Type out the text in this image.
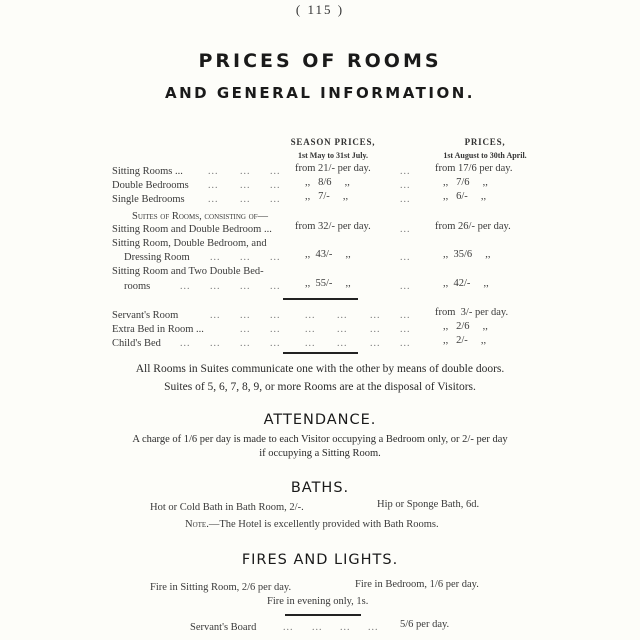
( 115 )
PRICES OF ROOMS
AND GENERAL INFORMATION.
SEASON PRICES,
1st May to 31st July.
PRICES,
1st August to 30th April.
Sitting Rooms ...	... ... ... from 21/- per day.	... from 17/6 per day.
Double Bedrooms ... ... ... ,,   8/6     ,,	...	,,   7/6     ,,
Single Bedrooms ... ... ... ,,   7/-     ,,	...	,,   6/-     ,,
Suites of Rooms, consisting of—
Sitting Room and Double Bedroom ... from 32/- per day.	... from 26/- per day.
Sitting Room, Double Bedroom, and
Dressing Room ... ... ... ,,  43/-     ,,	...	,,  35/6     ,,
Sitting Room and Two Double Bed-
rooms	... ... ... ... ,,  55/-     ,,	...	,,  42/-     ,,
Servant's Room	... ... ... ... ... ... ... from  3/- per day.
Extra Bed in Room ...	... ... ... ... ... ...	,,   2/6     ,,
Child's Bed ... ... ... ... ... ... ... ...	,,   2/-     ,,
All Rooms in Suites communicate one with the other by means of double doors.
Suites of 5, 6, 7, 8, 9, or more Rooms are at the disposal of Visitors.
ATTENDANCE.
A charge of 1/6 per day is made to each Visitor occupying a Bedroom only, or 2/- per day
if occupying a Sitting Room.
BATHS.
Hot or Cold Bath in Bath Room, 2/-.	Hip or Sponge Bath, 6d.
Note.—The Hotel is excellently provided with Bath Rooms.
FIRES AND LIGHTS.
Fire in Sitting Room, 2/6 per day.	Fire in Bedroom, 1/6 per day.
Fire in evening only, 1s.
Servant's Board	... ... ... ... 5/6 per day.
